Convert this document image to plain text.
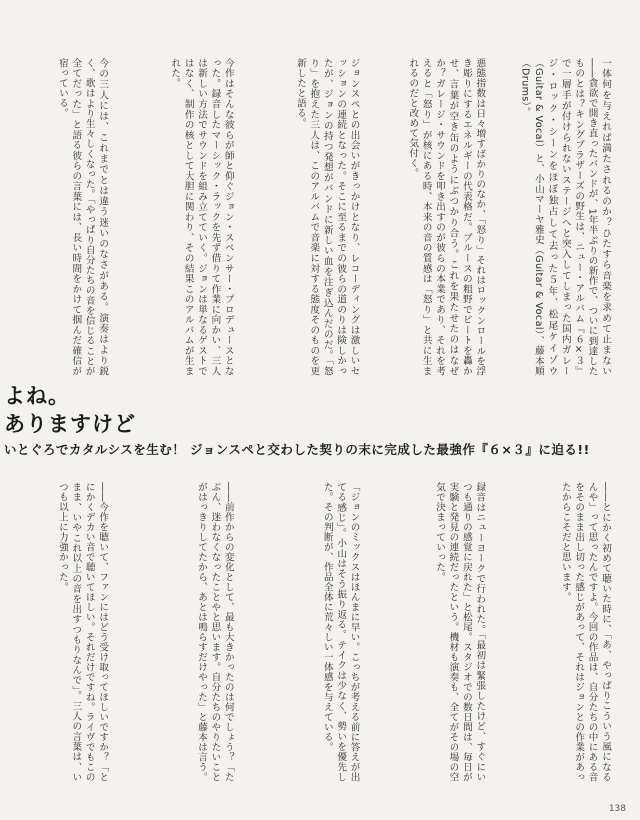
一体何を与えれば満たされるのか？ひたすら音楽を求めて止まない――貪欲で開き直ったバンドが、1年半ぶりの新作で、ついに到達したものとは？キングブラザーズの野生は、ニュー・アルバム『６×３』で一層手が付けられないステージへと突入してしまった国内ガレージ・ロック・シーンをほぼ独占して去った５年、松尾ケイゾウ（Guitar & Vocal）と、小山マーヤ雅史（Guitar & Vocal）、藤本順（Drums）。

悪態指数は日々増すばかりのなか、「怒り」それはロックンロールを浮き彫りにするエネルギーの代表格だ。ブルースの粗野でビートを轟かせ、言葉が空き缶のようにぶつかり合う。これを果たせたのはなぜか？ガレージ・サウンドを叩き出すのが彼らの本業であり、それを考えると「怒り」が核にある時、本来の音の質感は「怒り」と共に生まれるのだと改めて気付く。

ジョンスペとの出会いがきっかけとなり、レコーディングは激しいセッションの連続となった。そこに至るまでの彼らの道のりは険しかったが、ジョンの持つ発想がバンドに新しい血を注ぎ込んだのだ。「怒り」を抱えた三人は、このアルバムで音楽に対する態度そのものを更新したと語る。

今作はそんな彼らが師と仰ぐジョン・スペンサー・プロデュースとなった。録音したマーシック・ラックを先ず借りて作業に向かい、三人は新しい方法でサウンドを組み立てていく。ジョンは単なるゲストではなく、制作の核として大胆に関わり、その結果このアルバムが生まれた。

今の三人には、これまでとは違う迷いのなさがある。演奏はより鋭く、歌はより生々しくなった。「やっぱり自分たちの音を信じることが全てだった」と語る彼らの言葉には、長い時間をかけて掴んだ確信が宿っている。

よね。
ありますけど
いとぐろでカタルシスを生む！ ジョンスペと交わした契りの末に完成した最強作『６×３』に迫る!!

――とにかく初めて聴いた時に、「あ、やっぱりこういう風になるんや」って思ったんですよ。今回の作品は、自分たちの中にある音をそのまま出し切った感じがあって、それはジョンとの作業があったからこそだと思います。

録音はニューヨークで行われた。「最初は緊張したけど、すぐにいつも通りの感覚に戻れた」と松尾。スタジオでの数日間は、毎日が実験と発見の連続だったという。機材も演奏も、全てがその場の空気で決まっていった。

「ジョンのミックスはほんまに早い。こっちが考える前に答えが出てる感じ」。小山はそう振り返る。テイクは少なく、勢いを優先した。その判断が、作品全体に荒々しい一体感を与えている。

――前作からの変化として、最も大きかったのは何でしょう？「たぶん、迷わなくなったことやと思います。自分たちのやりたいことがはっきりしてたから、あとは鳴らすだけやった」と藤本は言う。

――今作を聴いて、ファンにはどう受け取ってほしいですか？「とにかくデカい音で聴いてほしい。それだけですね。ライヴでもこのまま、いやこれ以上の音を出すつもりなんで」。三人の言葉は、いつも以上に力強かった。

138
